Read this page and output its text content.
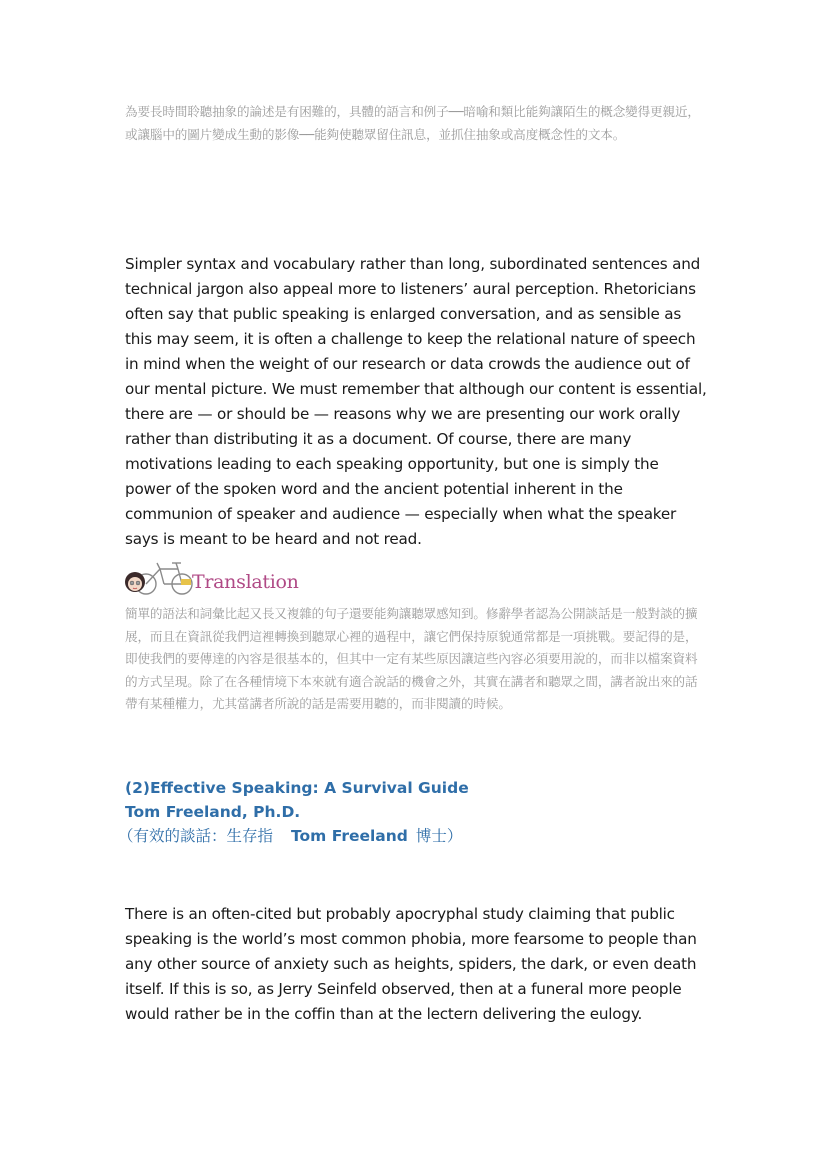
為要長時間聆聽抽象的論述是有困難的，具體的語言和例子──暗喻和類比能夠讓陌生的概念變得更親近，或讓腦中的圖片變成生動的影像──能夠使聽眾留住訊息，並抓住抽象或高度概念性的文本。

Simpler syntax and vocabulary rather than long, subordinated sentences and technical jargon also appeal more to listeners’ aural perception. Rhetoricians often say that public speaking is enlarged conversation, and as sensible as this may seem, it is often a challenge to keep the relational nature of speech in mind when the weight of our research or data crowds the audience out of our mental picture. We must remember that although our content is essential, there are — or should be — reasons why we are presenting our work orally rather than distributing it as a document. Of course, there are many motivations leading to each speaking opportunity, but one is simply the power of the spoken word and the ancient potential inherent in the communion of speaker and audience — especially when what the speaker says is meant to be heard and not read.

Translation

簡單的語法和詞彙比起又長又複雜的句子還要能夠讓聽眾感知到。修辭學者認為公開談話是一般對談的擴展，而且在資訊從我們這裡轉換到聽眾心裡的過程中，讓它們保持原貌通常都是一項挑戰。要記得的是，即使我們的要傳達的內容是很基本的，但其中一定有某些原因讓這些內容必須要用說的，而非以檔案資料的方式呈現。除了在各種情境下本來就有適合說話的機會之外，其實在講者和聽眾之間，講者說出來的話帶有某種權力，尤其當講者所說的話是需要用聽的，而非閱讀的時候。

(2)Effective Speaking: A Survival Guide

Tom Freeland, Ph.D.

（有效的談話：生存指 Tom Freeland 博士）

There is an often-cited but probably apocryphal study claiming that public speaking is the world’s most common phobia, more fearsome to people than any other source of anxiety such as heights, spiders, the dark, or even death itself. If this is so, as Jerry Seinfeld observed, then at a funeral more people would rather be in the coffin than at the lectern delivering the eulogy.
